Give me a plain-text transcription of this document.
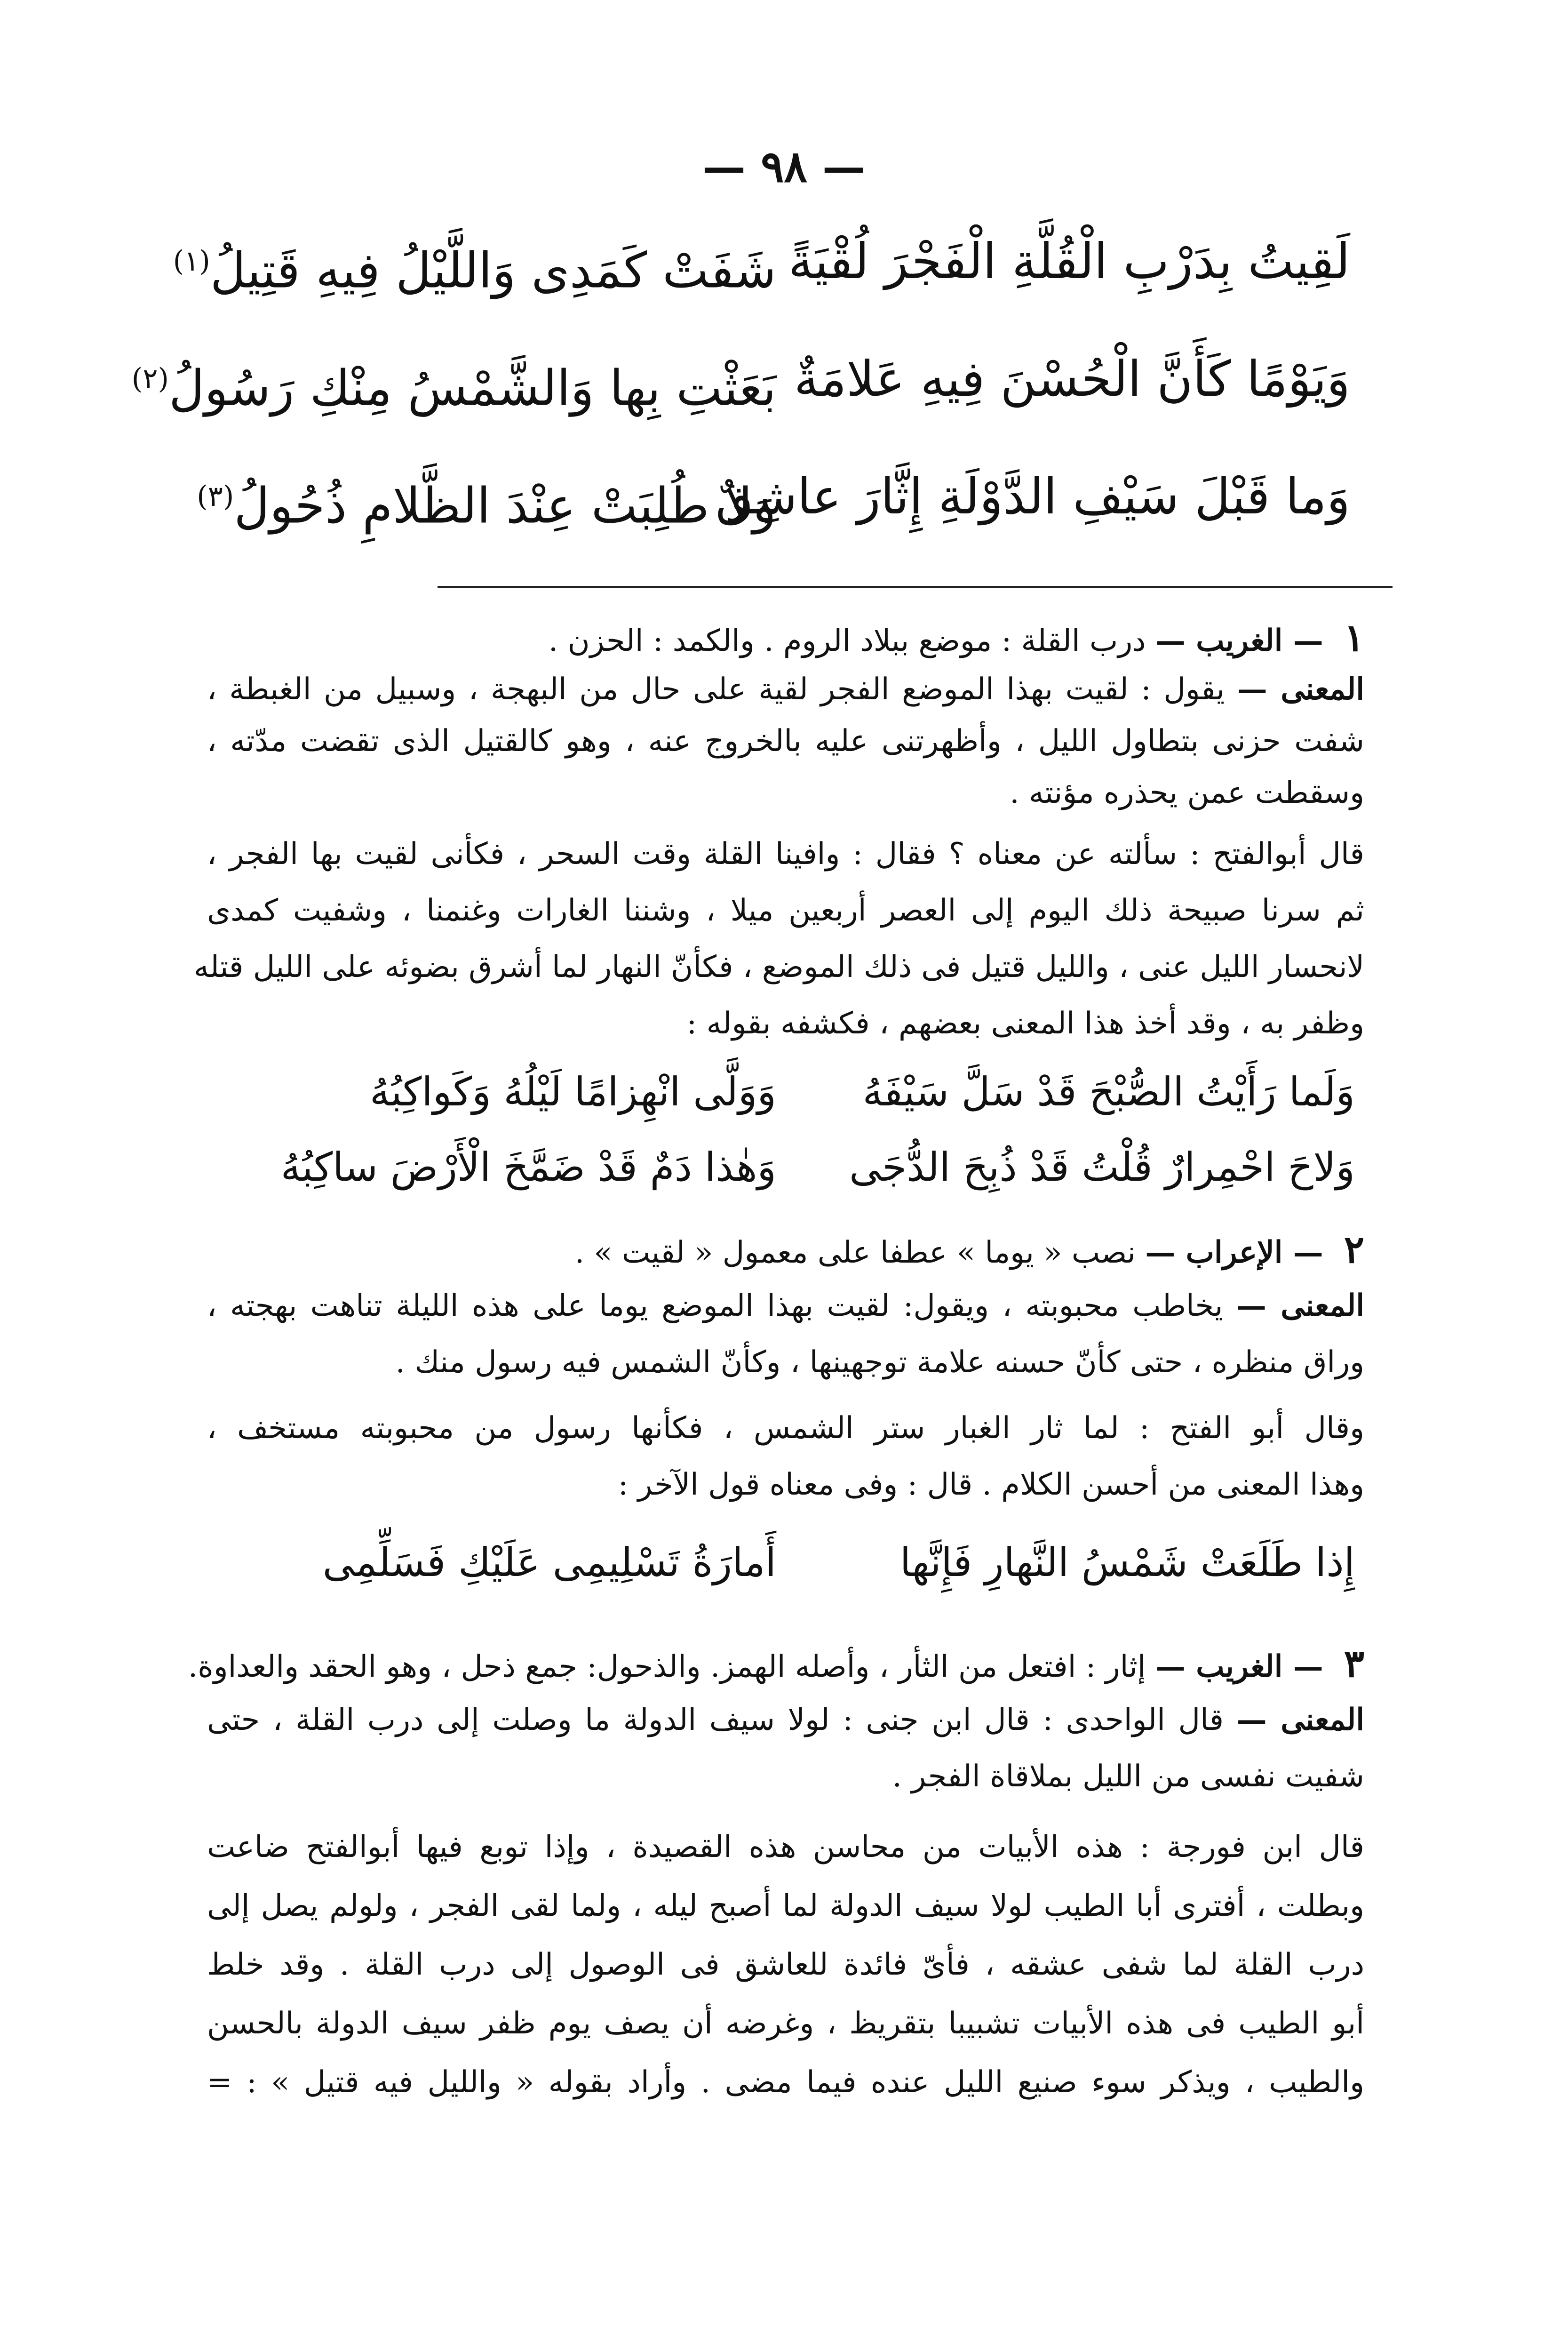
— ٩٨ —
لَقِيتُ بِدَرْبِ الْقُلَّةِ الْفَجْرَ لُقْيَةً
شَفَتْ كَمَدِى وَاللَّيْلُ فِيهِ قَتِيلُ$^{(١)}$
وَيَوْمًا كَأَنَّ الْحُسْنَ فِيهِ عَلامَةٌ
بَعَثْتِ بِها وَالشَّمْسُ مِنْكِ رَسُولُ$^{(٢)}$
وَما قَبْلَ سَيْفِ الدَّوْلَةِ إِثَّارَ عاشِقٌ
وَلا طُلِبَتْ عِنْدَ الظَّلامِ ذُحُولُ$^{(٣)}$
١ — الغريب — درب القلة : موضع ببلاد الروم . والكمد : الحزن .
المعنى — يقول : لقيت بهذا الموضع الفجر لقية على حال من البهجة ، وسبيل من الغبطة ،
شفت حزنى بتطاول الليل ، وأظهرتنى عليه بالخروج عنه ، وهو كالقتيل الذى تقضت مدّته ،
وسقطت عمن يحذره مؤنته .
قال أبوالفتح : سألته عن معناه ؟ فقال : وافينا القلة وقت السحر ، فكأنى لقيت بها الفجر ،
ثم سرنا صبيحة ذلك اليوم إلى العصر أربعين ميلا ، وشننا الغارات وغنمنا ، وشفيت كمدى
لانحسار الليل عنى ، والليل قتيل فى ذلك الموضع ، فكأنّ النهار لما أشرق بضوئه على الليل قتله
وظفر به ، وقد أخذ هذا المعنى بعضهم ، فكشفه بقوله :
وَلَما رَأَيْتُ الصُّبْحَ قَدْ سَلَّ سَيْفَهُ
وَوَلَّى انْهِزامًا لَيْلُهُ وَكَواكِبُهُ
وَلاحَ احْمِرارٌ قُلْتُ قَدْ ذُبِحَ الدُّجَى
وَهٰذا دَمٌ قَدْ ضَمَّخَ الْأَرْضَ ساكِبُهُ
٢ — الإعراب — نصب « يوما » عطفا على معمول « لقيت » .
المعنى — يخاطب محبوبته ، ويقول: لقيت بهذا الموضع يوما على هذه الليلة تناهت بهجته ،
وراق منظره ، حتى كأنّ حسنه علامة توجهينها ، وكأنّ الشمس فيه رسول منك .
وقال أبو الفتح : لما ثار الغبار ستر الشمس ، فكأنها رسول من محبوبته مستخف ،
وهذا المعنى من أحسن الكلام . قال : وفى معناه قول الآخر :
إِذا طَلَعَتْ شَمْسُ النَّهارِ فَإِنَّها
أَمارَةُ تَسْلِيمِى عَلَيْكِ فَسَلِّمِى
٣ — الغريب — إثار : افتعل من الثأر ، وأصله الهمز. والذحول: جمع ذحل ، وهو الحقد والعداوة.
المعنى — قال الواحدى : قال ابن جنى : لولا سيف الدولة ما وصلت إلى درب القلة ، حتى
شفيت نفسى من الليل بملاقاة الفجر .
قال ابن فورجة : هذه الأبيات من محاسن هذه القصيدة ، وإذا توبع فيها أبوالفتح ضاعت
وبطلت ، أفترى أبا الطيب لولا سيف الدولة لما أصبح ليله ، ولما لقى الفجر ، ولولم يصل إلى
درب القلة لما شفى عشقه ، فأىّ فائدة للعاشق فى الوصول إلى درب القلة . وقد خلط
أبو الطيب فى هذه الأبيات تشبيبا بتقريظ ، وغرضه أن يصف يوم ظفر سيف الدولة بالحسن
والطيب ، ويذكر سوء صنيع الليل عنده فيما مضى . وأراد بقوله « والليل فيه قتيل » : =
